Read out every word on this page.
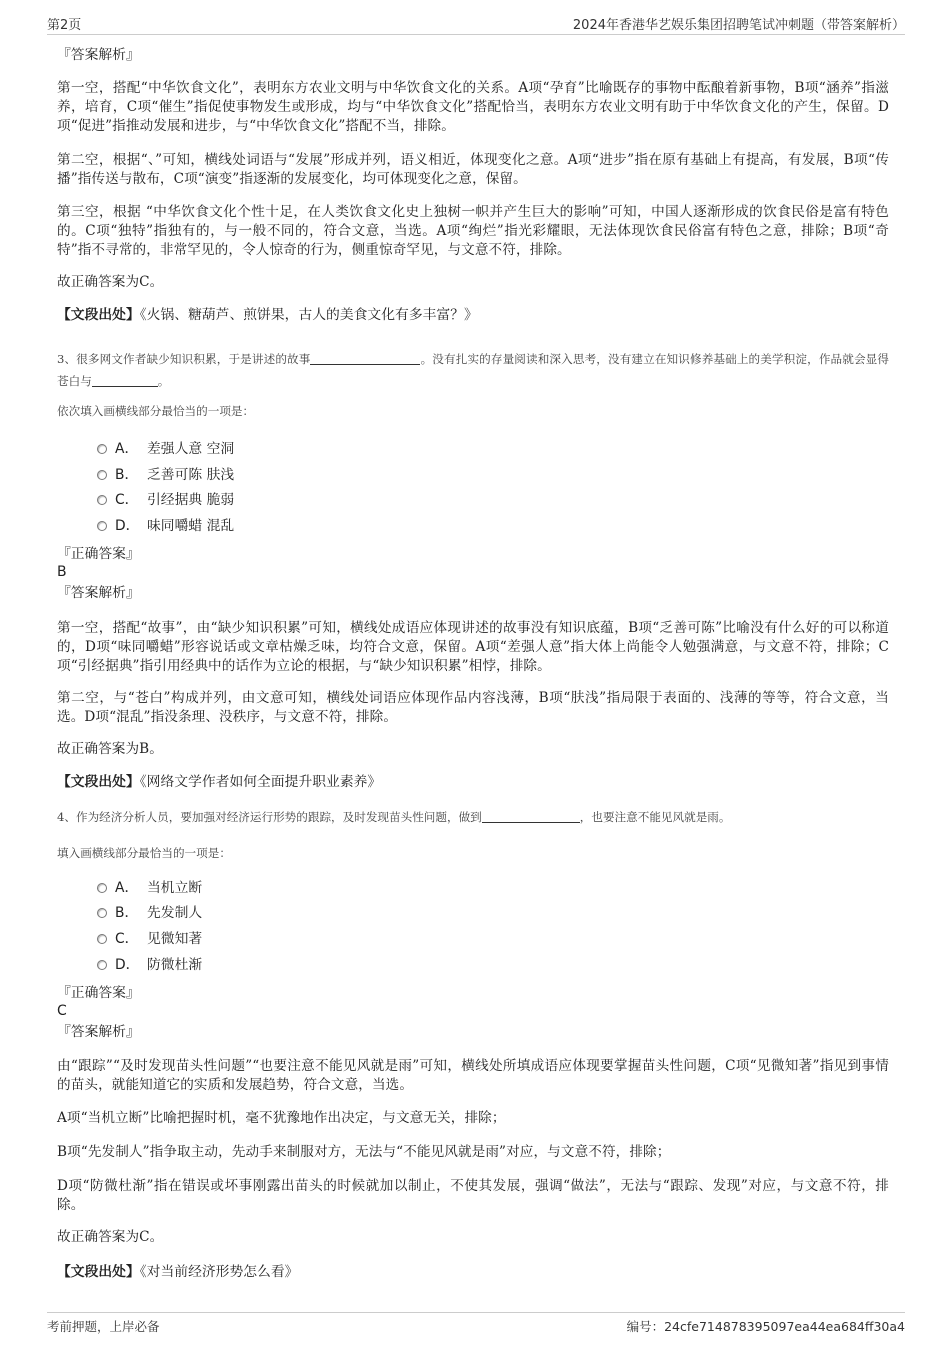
第2页	2024年香港华艺娱乐集团招聘笔试冲刺题（带答案解析）
『答案解析』
第一空，搭配“中华饮食文化”，表明东方农业文明与中华饮食文化的关系。A项“孕育”比喻既存的事物中酝酿着新事物，B项“涵养”指滋养，培育，C项“催生”指促使事物发生或形成，均与“中华饮食文化”搭配恰当，表明东方农业文明有助于中华饮食文化的产生，保留。D项“促进”指推动发展和进步，与“中华饮食文化”搭配不当，排除。
第二空，根据“、”可知，横线处词语与“发展”形成并列，语义相近，体现变化之意。A项“进步”指在原有基础上有提高，有发展，B项“传播”指传送与散布，C项“演变”指逐渐的发展变化，均可体现变化之意，保留。
第三空，根据 “中华饮食文化个性十足，在人类饮食文化史上独树一帜并产生巨大的影响”可知，中国人逐渐形成的饮食民俗是富有特色的。C项“独特”指独有的，与一般不同的，符合文意，当选。A项“绚烂”指光彩耀眼，无法体现饮食民俗富有特色之意，排除；B项“奇特”指不寻常的，非常罕见的，令人惊奇的行为，侧重惊奇罕见，与文意不符，排除。
故正确答案为C。
【文段出处】《火锅、糖葫芦、煎饼果，古人的美食文化有多丰富？》
3、很多网文作者缺少知识积累，于是讲述的故事	。没有扎实的存量阅读和深入思考，没有建立在知识修养基础上的美学积淀，作品就会显得苍白与	。
依次填入画横线部分最恰当的一项是：
A． 差强人意 空洞
B． 乏善可陈 肤浅
C． 引经据典 脆弱
D． 味同嚼蜡 混乱
『正确答案』
B
『答案解析』
第一空，搭配“故事”，由“缺少知识积累”可知，横线处成语应体现讲述的故事没有知识底蕴，B项“乏善可陈”比喻没有什么好的可以称道的，D项“味同嚼蜡”形容说话或文章枯燥乏味，均符合文意，保留。A项“差强人意”指大体上尚能令人勉强满意，与文意不符，排除；C项“引经据典”指引用经典中的话作为立论的根据，与“缺少知识积累”相悖，排除。
第二空，与“苍白”构成并列，由文意可知，横线处词语应体现作品内容浅薄，B项“肤浅”指局限于表面的、浅薄的等等，符合文意，当选。D项“混乱”指没条理、没秩序，与文意不符，排除。
故正确答案为B。
【文段出处】《网络文学作者如何全面提升职业素养》
4、作为经济分析人员，要加强对经济运行形势的跟踪，及时发现苗头性问题，做到	，也要注意不能见风就是雨。
填入画横线部分最恰当的一项是：
A． 当机立断
B． 先发制人
C． 见微知著
D． 防微杜渐
『正确答案』
C
『答案解析』
由“跟踪”“及时发现苗头性问题”“也要注意不能见风就是雨”可知，横线处所填成语应体现要掌握苗头性问题，C项“见微知著”指见到事情的苗头，就能知道它的实质和发展趋势，符合文意，当选。
A项“当机立断”比喻把握时机，毫不犹豫地作出决定，与文意无关，排除；
B项“先发制人”指争取主动，先动手来制服对方，无法与“不能见风就是雨”对应，与文意不符，排除；
D项“防微杜渐”指在错误或坏事刚露出苗头的时候就加以制止，不使其发展，强调“做法”，无法与“跟踪、发现”对应，与文意不符，排除。
故正确答案为C。
【文段出处】《对当前经济形势怎么看》
考前押题，上岸必备	编号：24cfe714878395097ea44ea684ff30a4
